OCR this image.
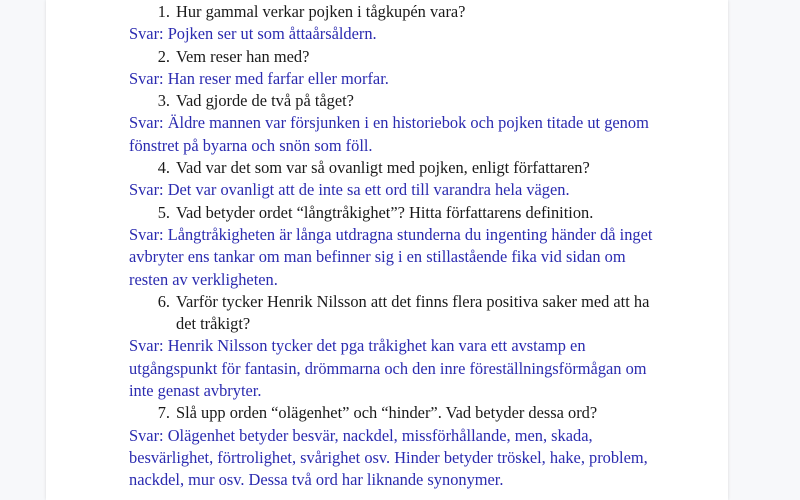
1. Hur gammal verkar pojken i tågkupén vara?
Svar: Pojken ser ut som åttaårsåldern.
2. Vem reser han med?
Svar: Han reser med farfar eller morfar.
3. Vad gjorde de två på tåget?
Svar: Äldre mannen var försjunken i en historiebok och pojken titade ut genom fönstret på byarna och snön som föll.
4. Vad var det som var så ovanligt med pojken, enligt författaren?
Svar: Det var ovanligt att de inte sa ett ord till varandra hela vägen.
5. Vad betyder ordet “långtråkighet”? Hitta författarens definition.
Svar: Långtråkigheten är långa utdragna stunderna du ingenting händer då inget avbryter ens tankar om man befinner sig i en stillastående fika vid sidan om resten av verkligheten.
6. Varför tycker Henrik Nilsson att det finns flera positiva saker med att ha det tråkigt?
Svar: Henrik Nilsson tycker det pga tråkighet kan vara ett avstamp en utgångspunkt för fantasin, drömmarna och den inre föreställningsförmågan om inte genast avbryter.
7. Slå upp orden “olägenhet” och “hinder”. Vad betyder dessa ord?
Svar: Olägenhet betyder besvär, nackdel, missförhållande, men, skada, besvärlighet, förtrolighet, svårighet osv. Hinder betyder tröskel, hake, problem, nackdel, mur osv. Dessa två ord har liknande synonymer.
